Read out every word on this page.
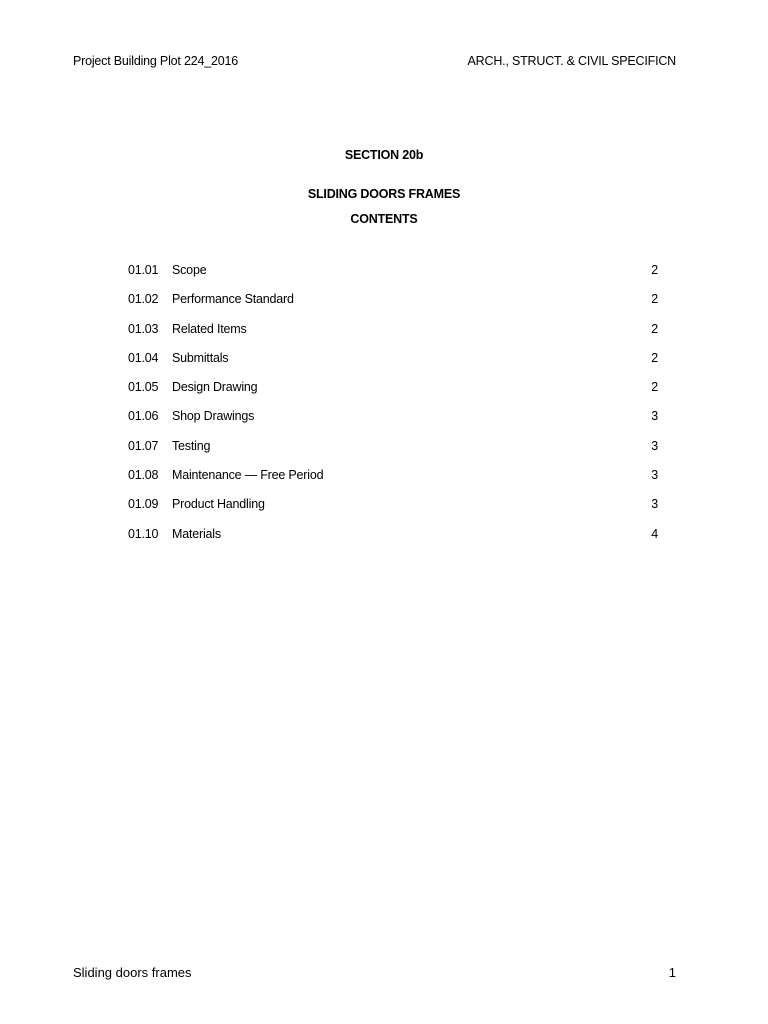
Project Building Plot 224_2016	ARCH., STRUCT. & CIVIL SPECIFICN
SECTION 20b
SLIDING DOORS FRAMES
CONTENTS
01.01 Scope	2
01.02 Performance Standard	2
01.03 Related Items	2
01.04 Submittals	2
01.05 Design Drawing	2
01.06 Shop Drawings	3
01.07 Testing	3
01.08 Maintenance — Free Period	3
01.09 Product Handling	3
01.10 Materials	4
Sliding doors frames	1
